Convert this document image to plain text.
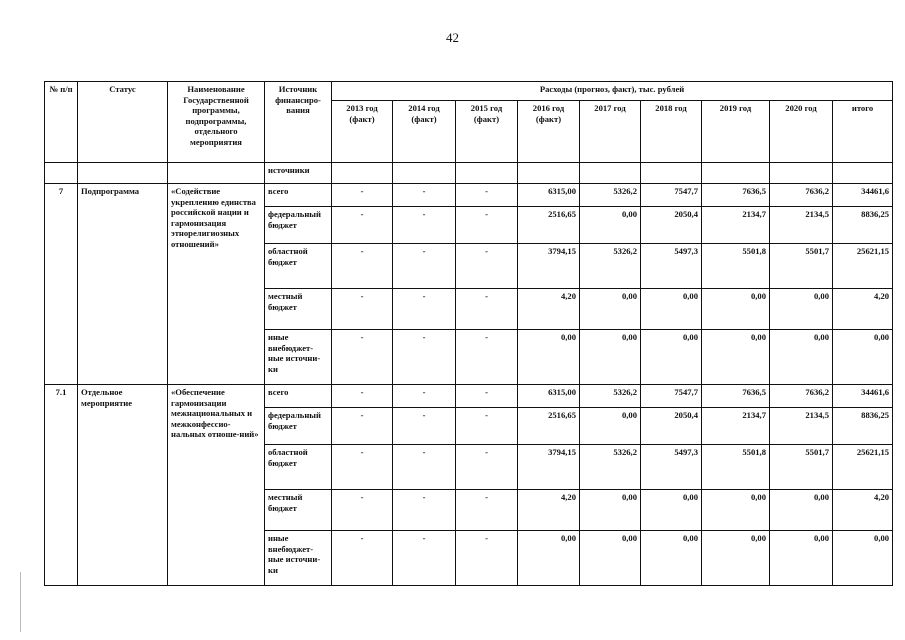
42
№ п/п	Статус	Наименование Государственной программы, подпрограммы, отдельного мероприятия	Источник финансиро-вания	Расходы (прогноз, факт), тыс. рублей								
				2013 год (факт)	2014 год (факт)	2015 год (факт)	2016 год (факт)	2017 год	2018 год	2019 год	2020 год	итого
			источники									
7	Подпрограмма	«Содействие укреплению единства российской нации и гармонизация этнорелигиозных отношений»	всего	-	-	-	6315,00	5326,2	7547,7	7636,5	7636,2	34461,6
			федеральный бюджет	-	-	-	2516,65	0,00	2050,4	2134,7	2134,5	8836,25
			областной бюджет	-	-	-	3794,15	5326,2	5497,3	5501,8	5501,7	25621,15
			местный бюджет	-	-	-	4,20	0,00	0,00	0,00	0,00	4,20
			иные внебюджет-ные источни-ки	-	-	-	0,00	0,00	0,00	0,00	0,00	0,00
7.1	Отдельное мероприятие	«Обеспечение гармонизации межнациональных и межконфессио-нальных отноше-ний»	всего	-	-	-	6315,00	5326,2	7547,7	7636,5	7636,2	34461,6
			федеральный бюджет	-	-	-	2516,65	0,00	2050,4	2134,7	2134,5	8836,25
			областной бюджет	-	-	-	3794,15	5326,2	5497,3	5501,8	5501,7	25621,15
			местный бюджет	-	-	-	4,20	0,00	0,00	0,00	0,00	4,20
			иные внебюджет-ные источни-ки	-	-	-	0,00	0,00	0,00	0,00	0,00	0,00
